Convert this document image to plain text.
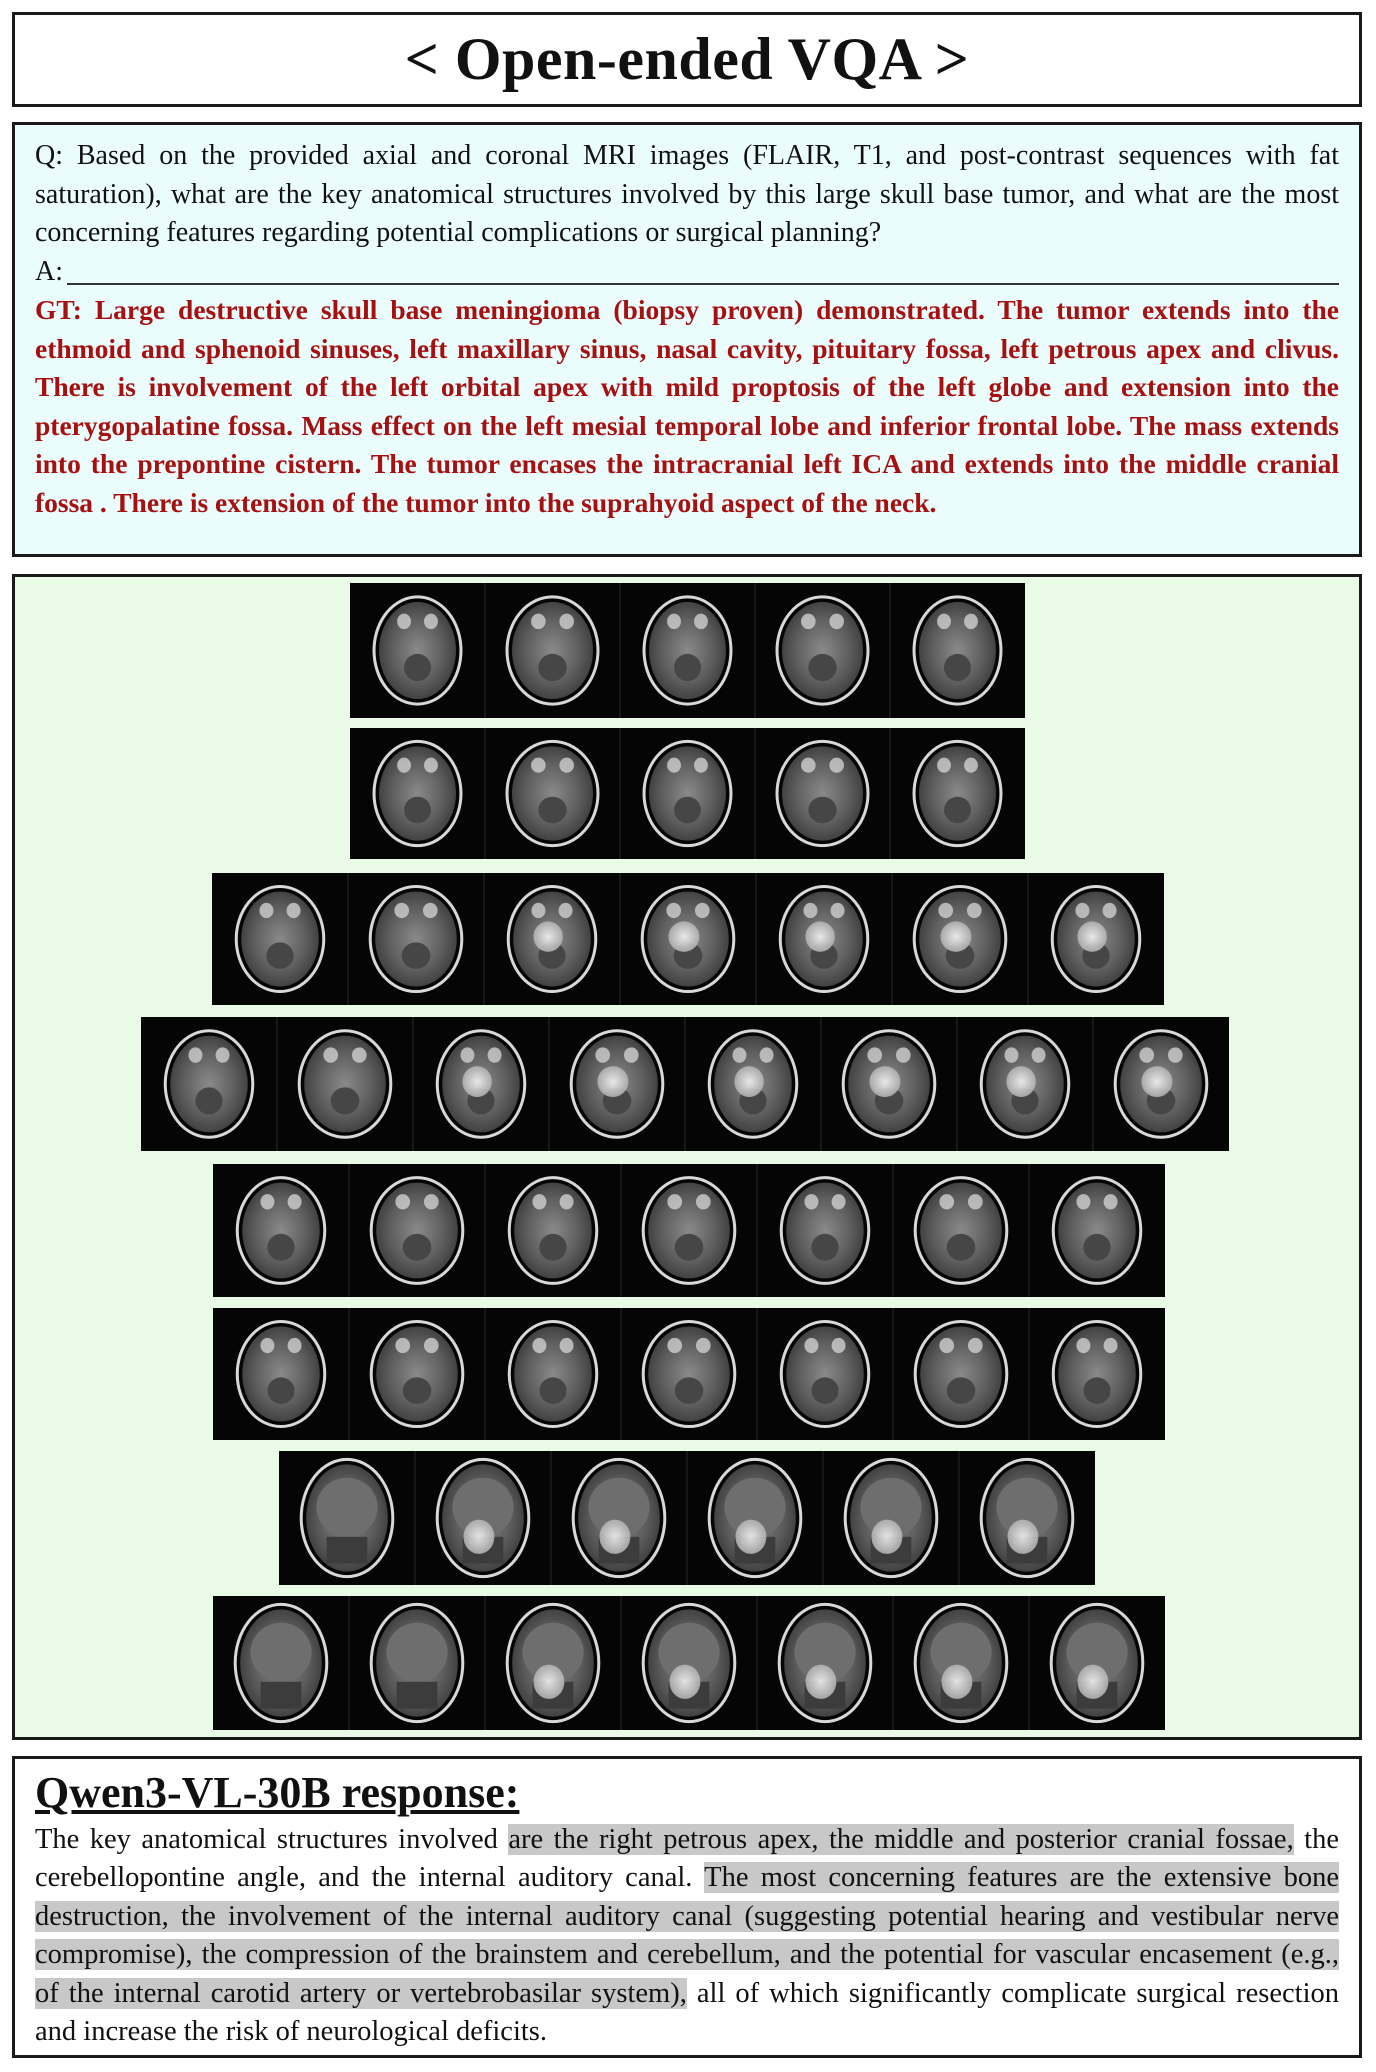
< Open-ended VQA >
Q: Based on the provided axial and coronal MRI images (FLAIR, T1, and post-contrast sequences with fat saturation), what are the key anatomical structures involved by this large skull base tumor, and what are the most concerning features regarding potential complications or surgical planning?
A:
GT: Large destructive skull base meningioma (biopsy proven) demonstrated. The tumor extends into the ethmoid and sphenoid sinuses, left maxillary sinus, nasal cavity, pituitary fossa, left petrous apex and clivus. There is involvement of the left orbital apex with mild proptosis of the left globe and extension into the pterygopalatine fossa. Mass effect on the left mesial temporal lobe and inferior frontal lobe. The mass extends into the prepontine cistern. The tumor encases the intracranial left ICA and extends into the middle cranial fossa . There is extension of the tumor into the suprahyoid aspect of the neck.
Qwen3-VL-30B response:
The key anatomical structures involved are the right petrous apex, the middle and posterior cranial fossae, the cerebellopontine angle, and the internal auditory canal. The most concerning features are the extensive bone destruction, the involvement of the internal auditory canal (suggesting potential hearing and vestibular nerve compromise), the compression of the brainstem and cerebellum, and the potential for vascular encasement (e.g., of the internal carotid artery or vertebrobasilar system), all of which significantly complicate surgical resection and increase the risk of neurological deficits.
